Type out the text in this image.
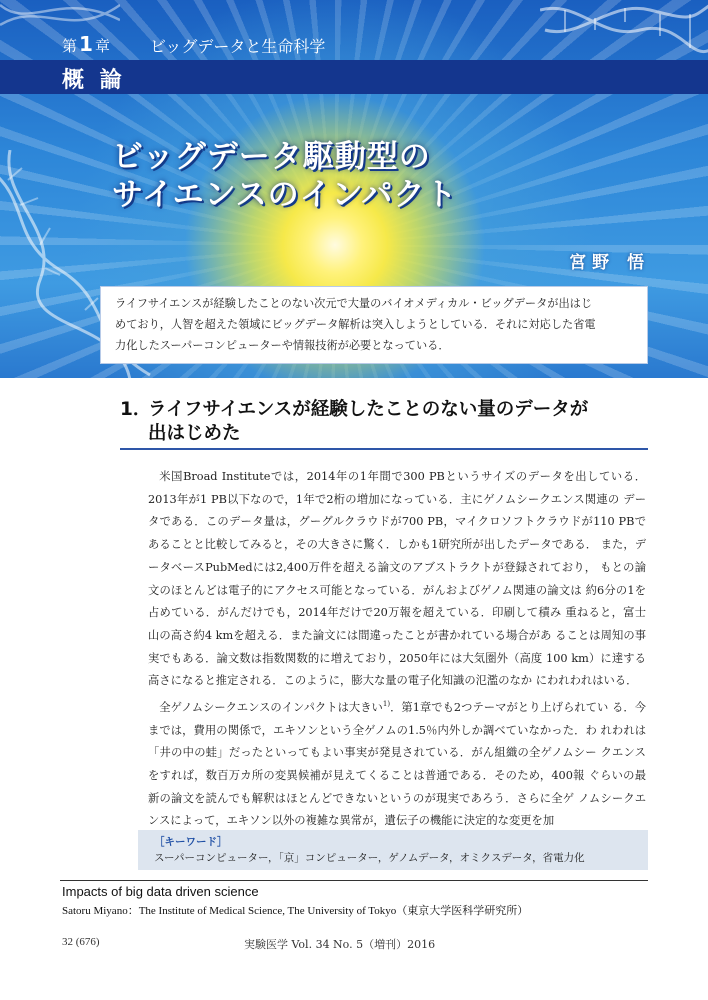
第 1 章	ビッグデータと生命科学
概 論
ビッグデータ駆動型の
サイエンスのインパクト
宮野 悟
ライフサイエンスが経験したことのない次元で大量のバイオメディカル・ビッグデータが出はじ
めており，人智を超えた領域にビッグデータ解析は突入しようとしている．それに対応した省電
力化したスーパーコンピューターや情報技術が必要となっている．
1．ライフサイエンスが経験したことのない量のデータが
出はじめた

米国Broad Instituteでは，2014年の1年間で300 PBというサイズのデータを出している． 2013年が1 PB以下なので，1年で2桁の増加になっている．主にゲノムシークエンス関連の データである．このデータ量は，グーグルクラウドが700 PB，マイクロソフトクラウドが110 PBであることと比較してみると，その大きさに驚く．しかも1研究所が出したデータである． また，データベースPubMedには2,400万件を超える論文のアブストラクトが登録されており， もとの論文のほとんどは電子的にアクセス可能となっている．がんおよびゲノム関連の論文は 約6分の1を占めている．がんだけでも，2014年だけで20万報を超えている．印刷して積み 重ねると，富士山の高さ約4 kmを超える．また論文には間違ったことが書かれている場合があ ることは周知の事実でもある．論文数は指数関数的に増えており，2050年には大気圏外（高度 100 km）に達する高さになると推定される．このように，膨大な量の電子化知識の氾濫のなか にわれわれはいる．

全ゲノムシークエンスのインパクトは大きい$^{1)}$．第1章でも2つテーマがとり上げられてい る．今までは，費用の関係で，エキソンという全ゲノムの1.5％内外しか調べていなかった．わ れわれは「井の中の蛙」だったといってもよい事実が発見されている．がん組織の全ゲノムシー クエンスをすれば，数百万カ所の変異候補が見えてくることは普通である．そのため，400報 ぐらいの最新の論文を読んでも解釈はほとんどできないというのが現実であろう．さらに全ゲ ノムシークエンスによって，エキソン以外の複雑な異常が，遺伝子の機能に決定的な変更を加

［キーワード］
スーパーコンピューター，「京」コンピューター，ゲノムデータ，オミクスデータ，省電力化
Impacts of big data driven science
Satoru Miyano：The Institute of Medical Science, The University of Tokyo（東京大学医科学研究所）
32 (676)	実験医学 Vol. 34 No. 5（増刊）2016
